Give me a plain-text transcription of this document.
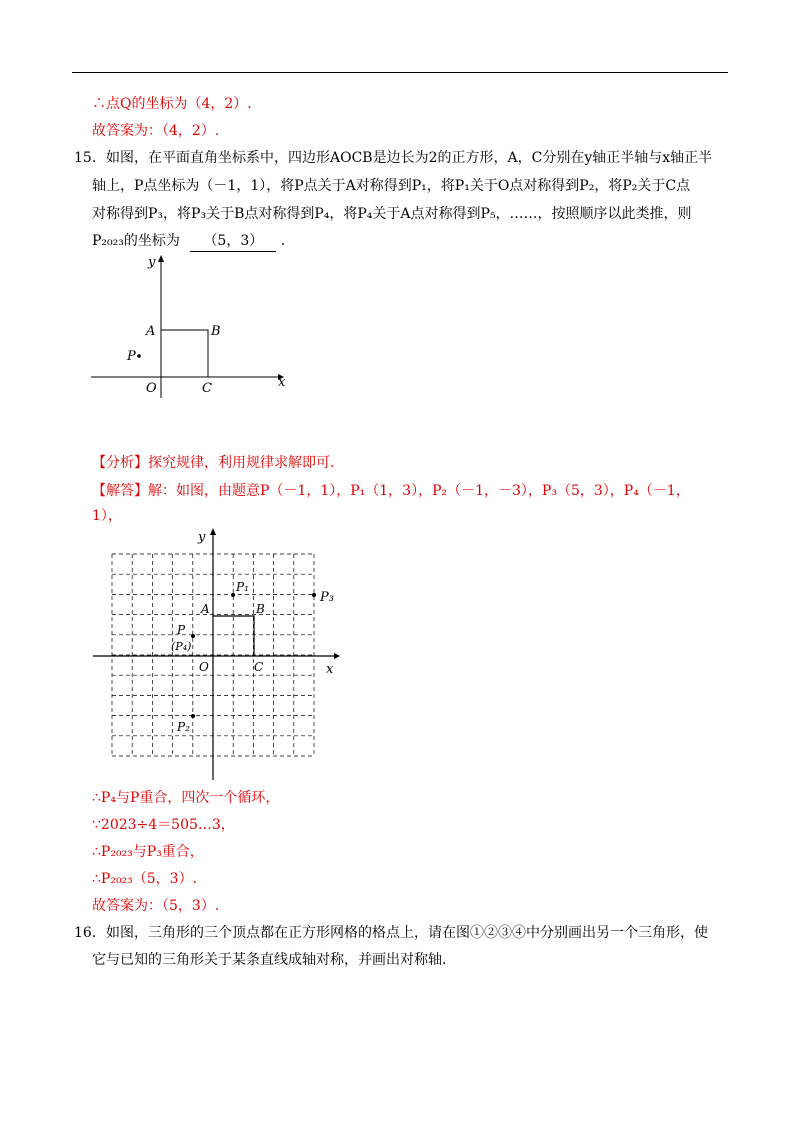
∴点Q的坐标为（4，2）.
故答案为：（4，2）.
15． 如图，在平面直角坐标系中，四边形AOCB是边长为2的正方形，A，C分别在y轴正半轴与x轴正半
轴上，P点坐标为（－1，1），将P点关于A对称得到P₁，将P₁关于O点对称得到P₂，将P₂关于C点
对称得到P₃，将P₃关于B点对称得到P₄，将P₄关于A点对称得到P₅，……，按照顺序以此类推，则
P₂₀₂₃的坐标为 （5，3） .
y
x
A	B
P
O	C
【分析】探究规律，利用规律求解即可.
【解答】解：如图，由题意P（－1，1），P₁（1，3），P₂（－1，－3），P₃（5，3），P₄（－1，
1），
y
x
A	B
O	C
P
(P₄)
P₁
P₂
P₃
∴P₄与P重合，四次一个循环，
∵2023÷4＝505…3，
∴P₂₀₂₃与P₃重合，
∴P₂₀₂₃（5，3）.
故答案为：（5，3）.
16． 如图，三角形的三个顶点都在正方形网格的格点上，请在图①②③④中分别画出另一个三角形，使
它与已知的三角形关于某条直线成轴对称，并画出对称轴.
